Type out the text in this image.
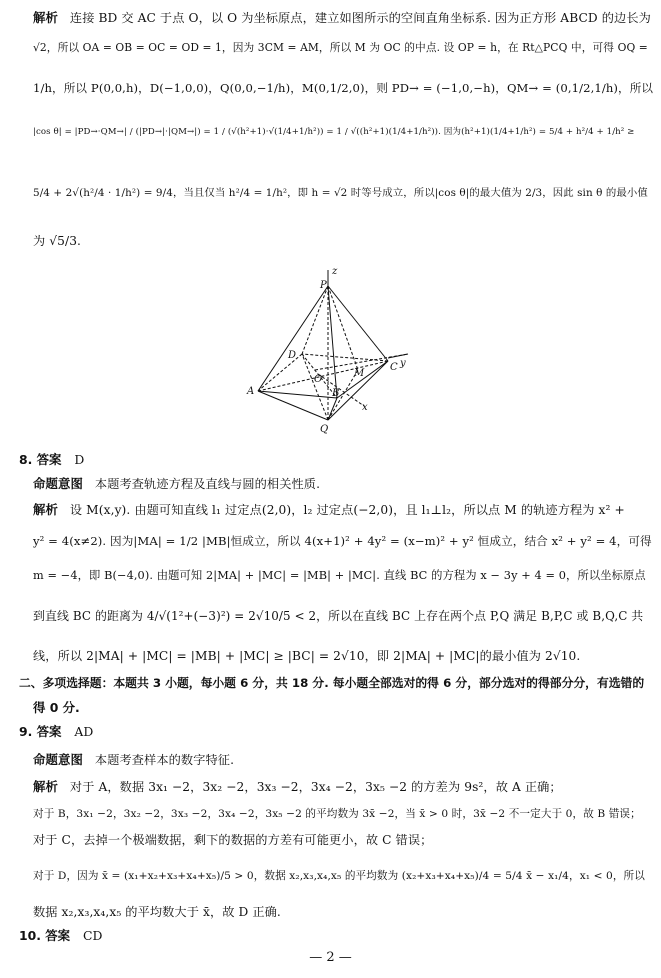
解析 连接 BD 交 AC 于点 O，以 O 为坐标原点，建立如图所示的空间直角坐标系. 因为正方形 ABCD 的边长为
√2，所以 OA = OB = OC = OD = 1，因为 3CM = AM，所以 M 为 OC 的中点. 设 OP = h，在 Rt△PCQ 中，可得 OQ =
1/h，所以 P(0,0,h)，D(−1,0,0)，Q(0,0,−1/h)，M(0,1/2,0)，则 PD→ = (−1,0,−h)，QM→ = (0,1/2,1/h)，所以
|cos θ| = |PD→·QM→| / (|PD→|·|QM→|) = 1 / (√(h²+1)·√(1/4+1/h²)) = 1 / √((h²+1)(1/4+1/h²)). 因为(h²+1)(1/4+1/h²) = 5/4 + h²/4 + 1/h² ≥
5/4 + 2√(h²/4 · 1/h²) = 9/4，当且仅当 h²/4 = 1/h²，即 h = √2 时等号成立，所以|cos θ|的最大值为 2/3，因此 sin θ 的最小值
为 √5/3.
z
P
D
O
M
C y
A	B
x
Q
8. 答案 D
命题意图 本题考查轨迹方程及直线与圆的相关性质.
解析 设 M(x,y). 由题可知直线 l₁ 过定点(2,0)，l₂ 过定点(−2,0)，且 l₁⊥l₂，所以点 M 的轨迹方程为 x² +
y² = 4(x≠2). 因为|MA| = 1/2 |MB|恒成立，所以 4(x+1)² + 4y² = (x−m)² + y² 恒成立，结合 x² + y² = 4，可得
m = −4，即 B(−4,0). 由题可知 2|MA| + |MC| = |MB| + |MC|. 直线 BC 的方程为 x − 3y + 4 = 0，所以坐标原点
到直线 BC 的距离为 4/√(1²+(−3)²) = 2√10/5 < 2，所以在直线 BC 上存在两个点 P,Q 满足 B,P,C 或 B,Q,C 共
线，所以 2|MA| + |MC| = |MB| + |MC| ≥ |BC| = 2√10，即 2|MA| + |MC|的最小值为 2√10.
二、多项选择题：本题共 3 小题，每小题 6 分，共 18 分. 每小题全部选对的得 6 分，部分选对的得部分分，有选错的
得 0 分.
9. 答案 AD
命题意图 本题考查样本的数字特征.
解析 对于 A，数据 3x₁ −2，3x₂ −2，3x₃ −2，3x₄ −2，3x₅ −2 的方差为 9s²，故 A 正确；
对于 B，3x₁ −2，3x₂ −2，3x₃ −2，3x₄ −2，3x₅ −2 的平均数为 3x̄ −2，当 x̄ > 0 时，3x̄ −2 不一定大于 0，故 B 错误；
对于 C，去掉一个极端数据，剩下的数据的方差有可能更小，故 C 错误；
对于 D，因为 x̄ = (x₁+x₂+x₃+x₄+x₅)/5 > 0，数据 x₂,x₃,x₄,x₅ 的平均数为 (x₂+x₃+x₄+x₅)/4 = 5/4 x̄ − x₁/4，x₁ < 0，所以
数据 x₂,x₃,x₄,x₅ 的平均数大于 x̄，故 D 正确.
10. 答案 CD
— 2 —
